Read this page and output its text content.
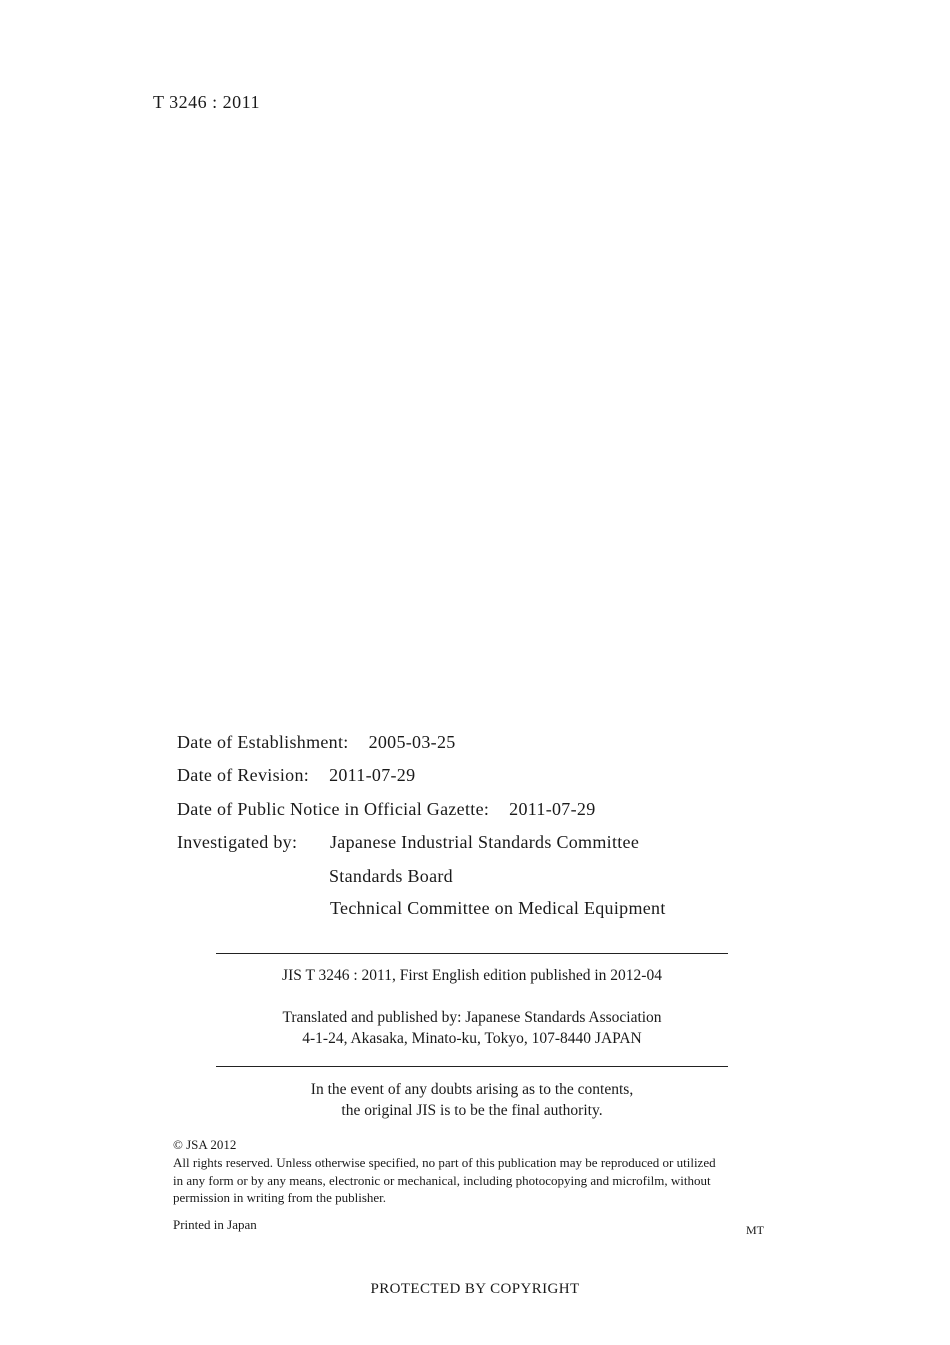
T 3246 : 2011
Date of Establishment: 2005-03-25
Date of Revision: 2011-07-29
Date of Public Notice in Official Gazette: 2011-07-29
Investigated by: Japanese Industrial Standards Committee
Standards Board
Technical Committee on Medical Equipment
JIS T 3246 : 2011, First English edition published in 2012-04
Translated and published by: Japanese Standards Association
4-1-24, Akasaka, Minato-ku, Tokyo, 107-8440 JAPAN
In the event of any doubts arising as to the contents,
the original JIS is to be the final authority.
© JSA 2012
All rights reserved. Unless otherwise specified, no part of this publication may be reproduced or utilized
in any form or by any means, electronic or mechanical, including photocopying and microfilm, without
permission in writing from the publisher.
Printed in Japan	MT
PROTECTED BY COPYRIGHT
